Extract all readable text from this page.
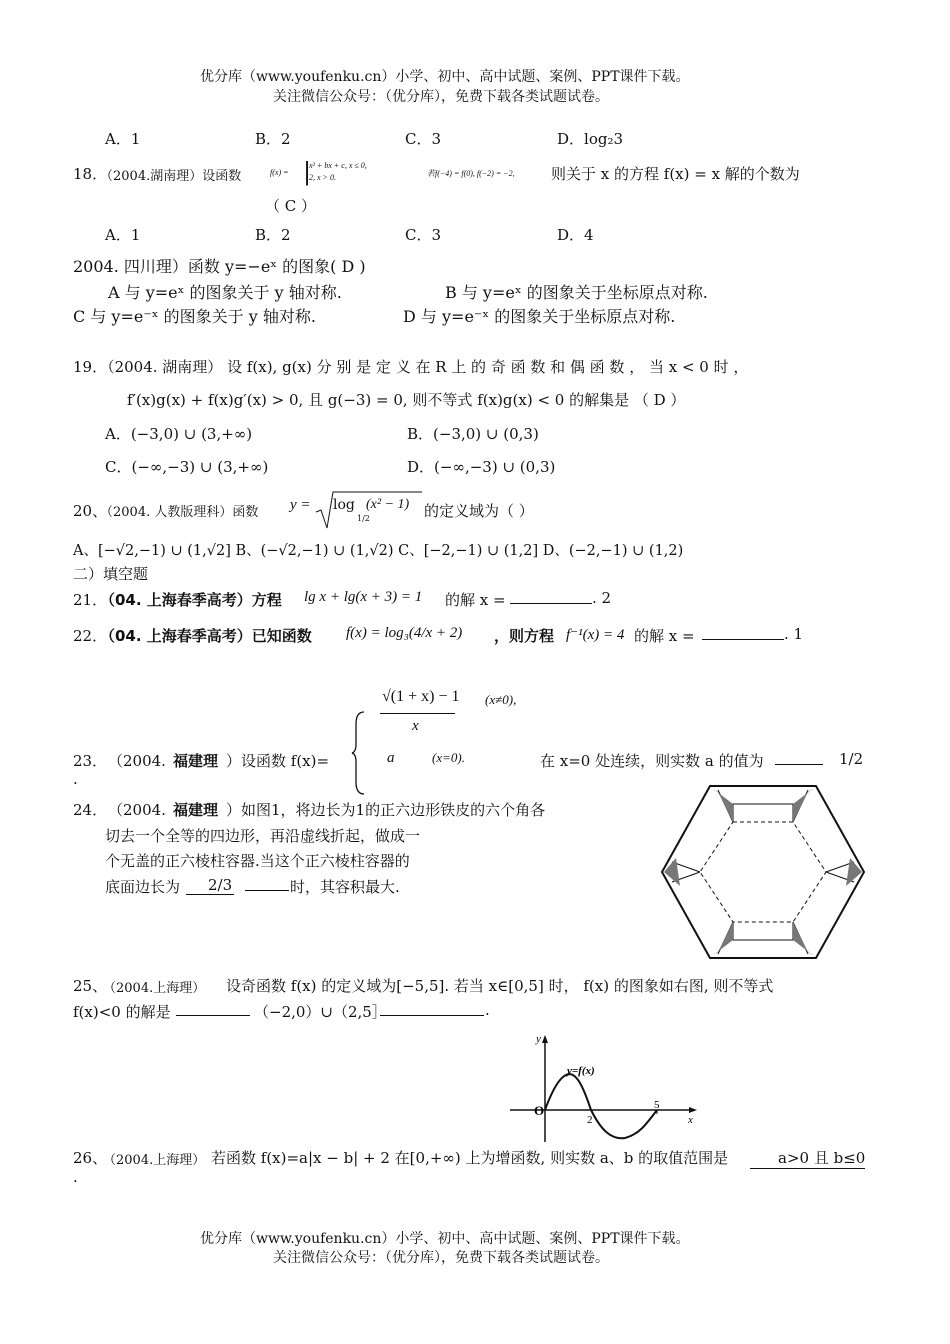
优分库（www.youfenku.cn）小学、初中、高中试题、案例、PPT课件下载。
关注微信公众号：（优分库），免费下载各类试题试卷。
A．1	B．2	C．3	D．log₂3
18．
（2004.湖南理）设函数	f(x) = |
x² + bx + c, x ≤ 0,
2, x > 0.	若f(−4) = f(0), f(−2) = −2, 则关于 x 的方程 f(x) = x 解的个数为
（ C ）
A．1	B．2	C．3	D．4
2004. 四川理）函数 y=−eˣ 的图象( D )
A 与 y=eˣ 的图象关于 y 轴对称.	B 与 y=eˣ 的图象关于坐标原点对称.
C 与 y=e⁻ˣ 的图象关于 y 轴对称.	D 与 y=e⁻ˣ 的图象关于坐标原点对称.
19．（2004. 湖南理） 设 f(x), g(x) 分 别 是 定 义 在 R 上 的 奇 函 数 和 偶 函 数 ， 当 x < 0 时 ，
f′(x)g(x) + f(x)g′(x) > 0, 且 g(−3) = 0, 则不等式 f(x)g(x) < 0 的解集是 （ D ）
A．(−3,0) ∪ (3,+∞)	B．(−3,0) ∪ (0,3)
C．(−∞,−3) ∪ (3,+∞)	D．(−∞,−3) ∪ (0,3)
20、
（2004. 人教版理科）函数 y = log
1/2
(x² − 1) 的定义域为（ ）
A、[−√2,−1) ∪ (1,√2] B、(−√2,−1) ∪ (1,√2) C、[−2,−1) ∪ (1,2] D、(−2,−1) ∪ (1,2)
二）填空题
21．
（04. 上海春季高考）方程 lg x + lg(x + 3) = 1 的解 x =	. 2
22．
（04. 上海春季高考）已知函数 f(x) = log₃(4/x + 2) ，则方程 f⁻¹(x) = 4 的解 x =	. 1
√(1 + x) − 1
x
(x≠0),
23． （2004. 福建理 ）设函数 f(x)=	a	(x=0).	在 x=0 处连续，则实数 a 的值为	1/2
.
24． （2004. 福建理 ）如图1，将边长为1的正六边形铁皮的六个角各
切去一个全等的四边形，再沿虚线折起，做成一
个无盖的正六棱柱容器.当这个正六棱柱容器的
底面边长为	2/3	时，其容积最大.
25、
（2004.上海理） 设奇函数 f(x) 的定义域为[−5,5]. 若当 x∈[0,5] 时， f(x) 的图象如右图, 则不等式
f(x)<0 的解是	（−2,0）∪（2,5］	.
y
y=f(x)
O
2
5
x
26、
（2004.上海理） 若函数 f(x)=a|x − b| + 2 在[0,+∞) 上为增函数, 则实数 a、b 的取值范围是	a>0 且 b≤0
.
优分库（www.youfenku.cn）小学、初中、高中试题、案例、PPT课件下载。
关注微信公众号：（优分库），免费下载各类试题试卷。
